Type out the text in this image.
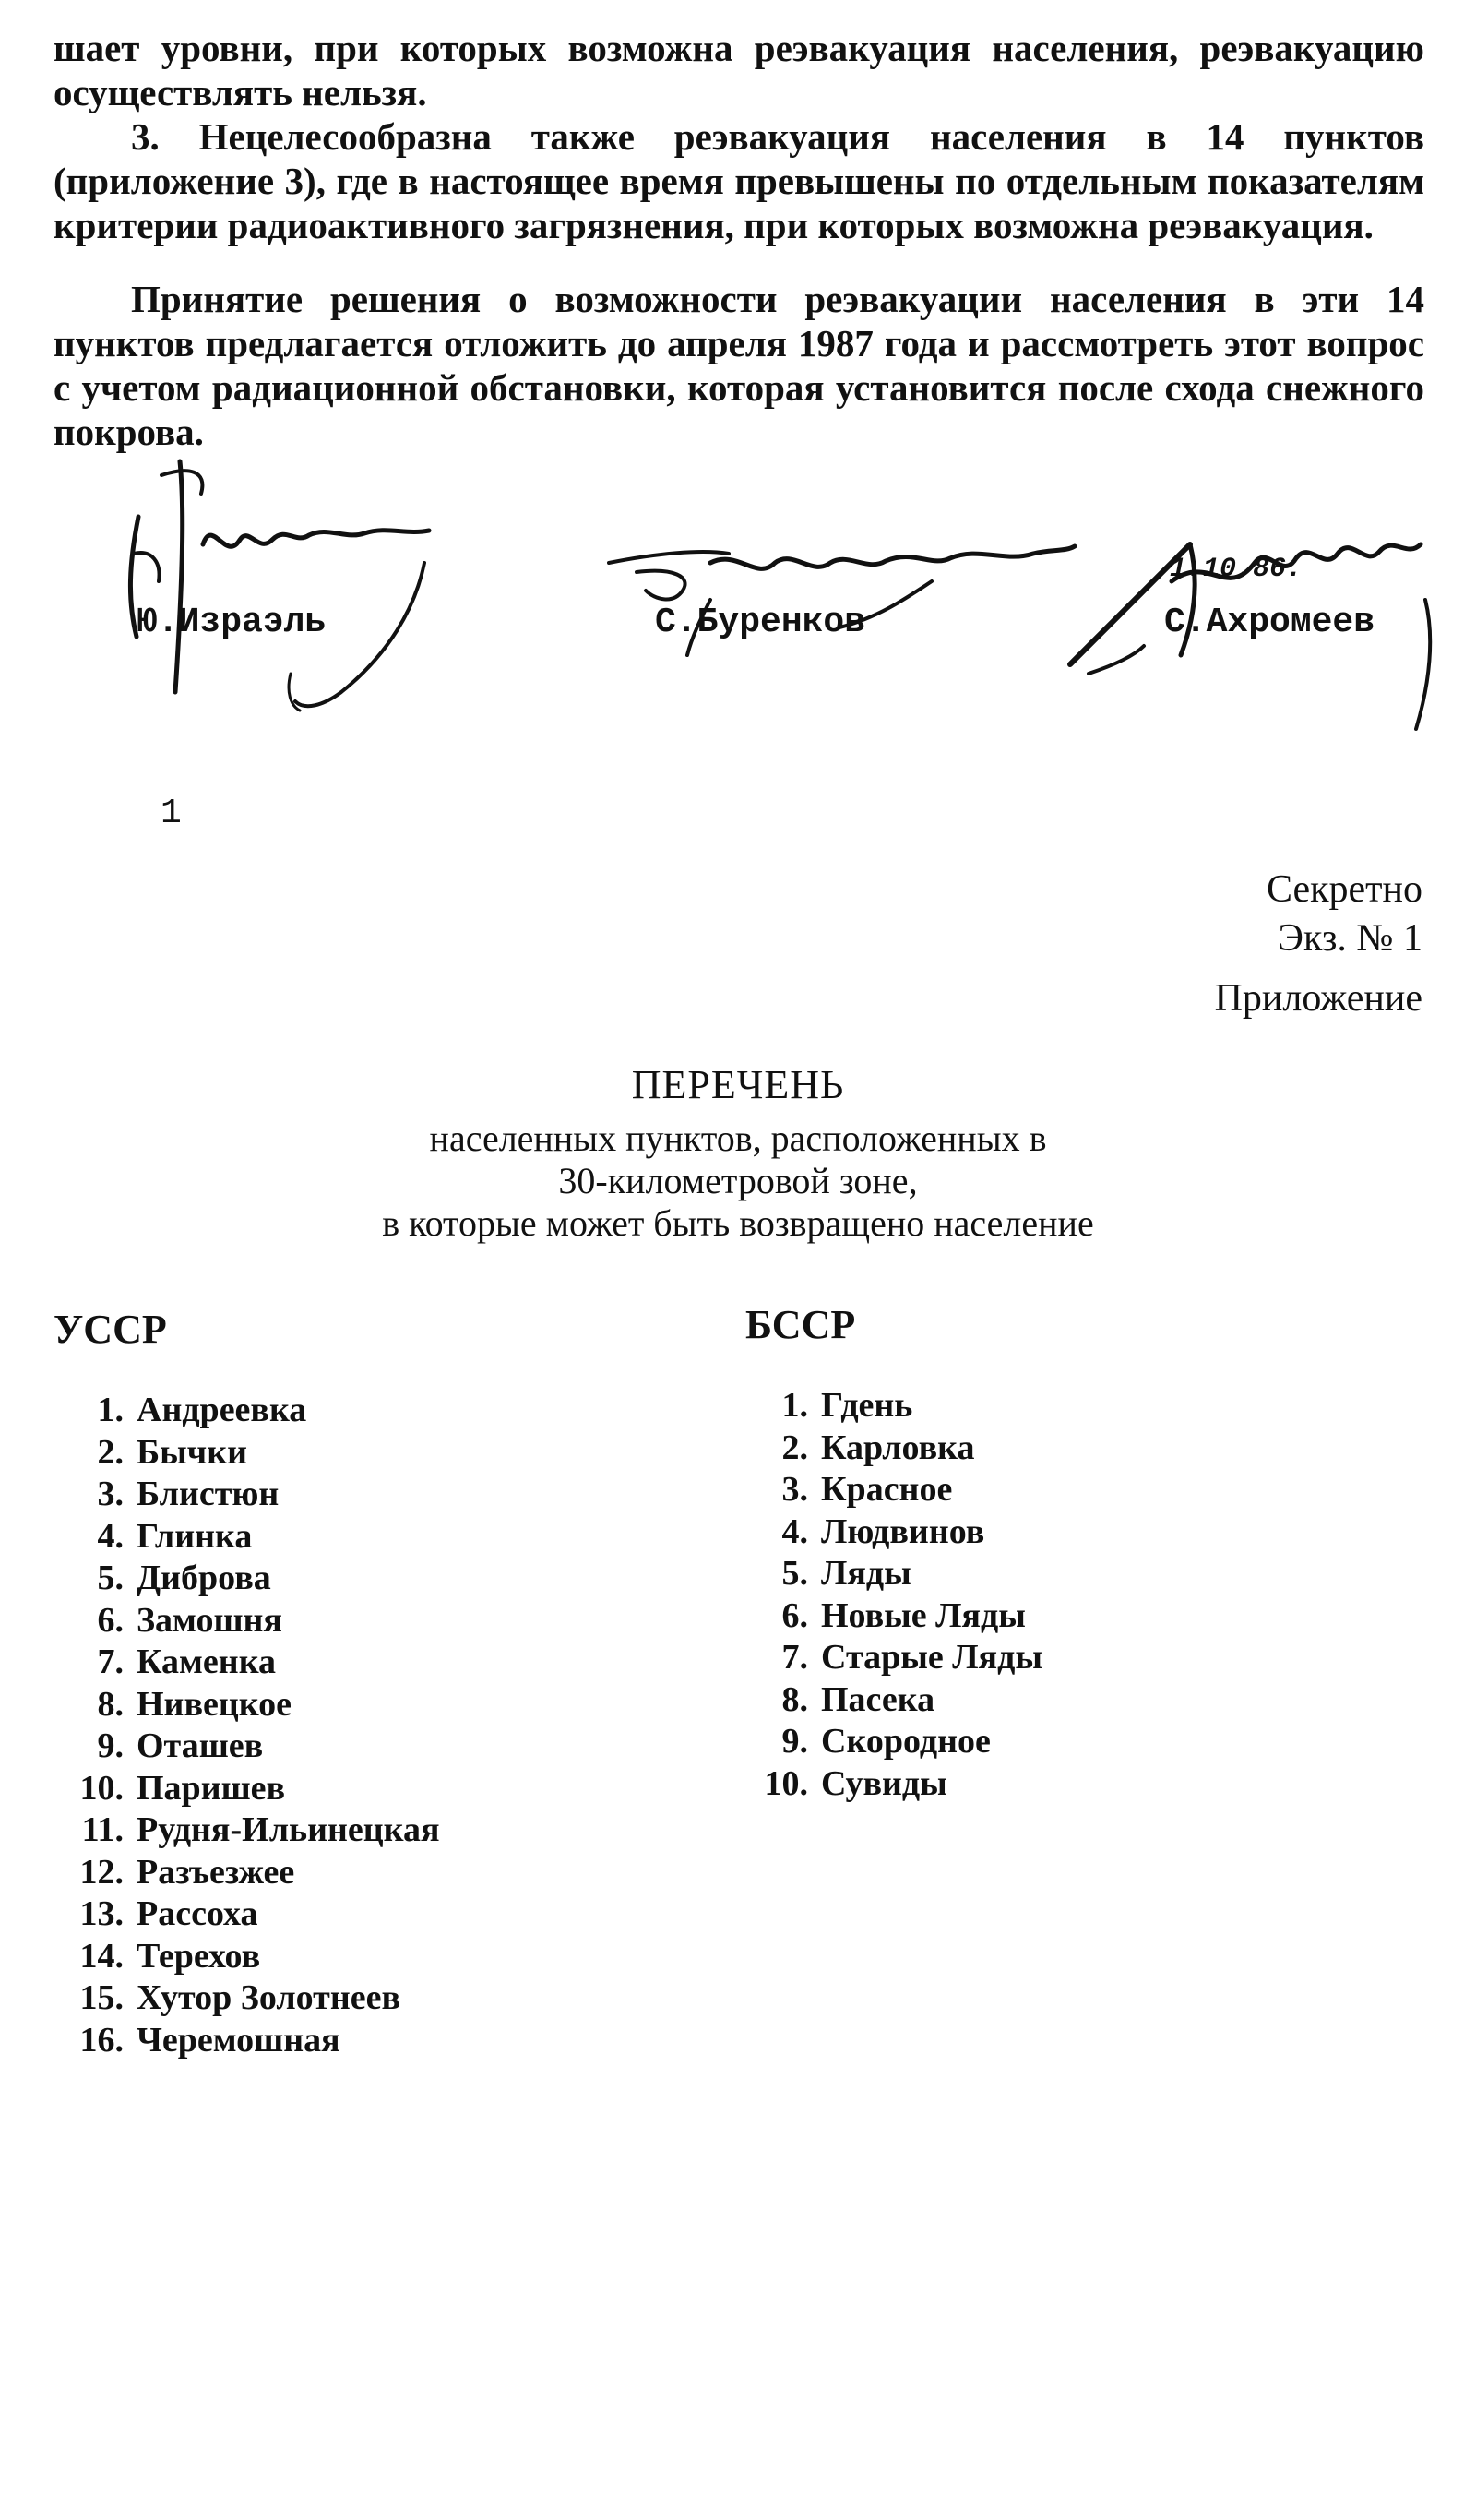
шает уровни, при которых возможна реэвакуация населения, реэвакуацию осуществлять нельзя.

3. Нецелесообразна также реэвакуация населения в 14 пунктов (приложение 3), где в настоящее время превышены по отдельным показателям критерии радиоактивного загрязнения, при которых возможна реэвакуация.

Принятие решения о возможности реэвакуации населения в эти 14 пунктов предлагается отложить до апреля 1987 года и рассмотреть этот вопрос с учетом радиационной обстановки, которая установится после схода снежного покрова.

Ю.Израэль	С.Буренков
1.10.86.
С.Ахромеев
1
Секретно
Экз. № 1
Приложение
ПЕРЕЧЕНЬ
населенных пунктов, расположенных в
30-километровой зоне,
в которые может быть возвращено население
УССР	БССР
1. Андреевка
2. Бычки
3. Блистюн
4. Глинка
5. Диброва
6. Замошня
7. Каменка
8. Нивецкое
9. Оташев
10. Паришев
11. Рудня-Ильинецкая
12. Разъезжее
13. Рассоха
14. Терехов
15. Хутор Золотнеев
16. Черемошная
1. Гдень
2. Карловка
3. Красное
4. Людвинов
5. Ляды
6. Новые Ляды
7. Старые Ляды
8. Пасека
9. Скородное
10. Сувиды
